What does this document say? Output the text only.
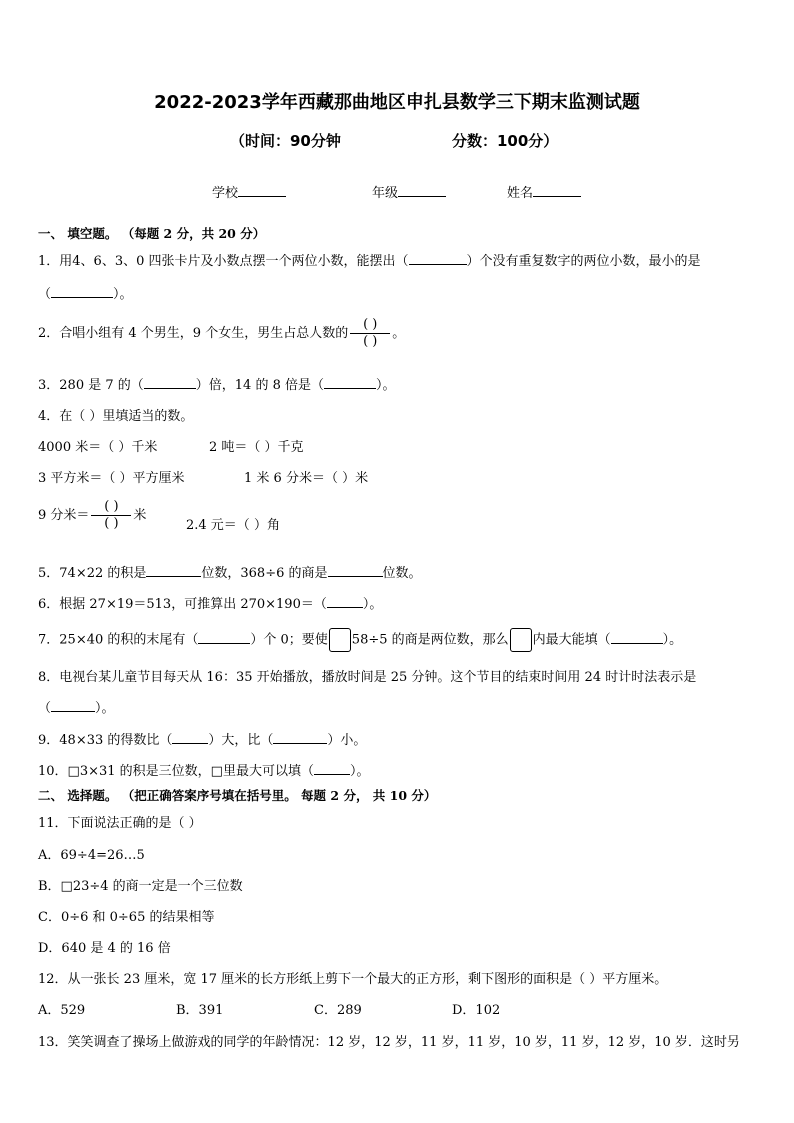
2022-2023学年西藏那曲地区申扎县数学三下期末监测试题
（时间：90分钟	分数：100分）
学校	年级	姓名
一、 填空题。 （每题 2 分，共 20 分）
1．用4、6、3、0 四张卡片及小数点摆一个两位小数，能摆出（	）个没有重复数字的两位小数，最小的是
（	）。
2．合唱小组有 4 个男生，9 个女生，男生占总人数的 $\frac{( )}{( )}$ 。
3．280 是 7 的（	）倍，14 的 8 倍是（	）。
4．在（ ）里填适当的数。
4000 米＝（ ）千米	2 吨＝（ ）千克
3 平方米＝（ ）平方厘米	1 米 6 分米＝（ ）米
9 分米＝ $\frac{( )}{( )}$ 米
2.4 元＝（ ）角
5．74×22 的积是	位数，368÷6 的商是	位数。
6．根据 27×19＝513，可推算出 270×190＝（	）。
7．25×40 的积的末尾有（	）个 0；要使 58÷5 的商是两位数，那么 内最大能填（	）。
8．电视台某儿童节目每天从 16：35 开始播放，播放时间是 25 分钟。这个节目的结束时间用 24 时计时法表示是
（	）。
9．48×33 的得数比（	）大，比（	）小。
10．□3×31 的积是三位数，□里最大可以填（	）。
二、 选择题。 （把正确答案序号填在括号里。 每题 2 分， 共 10 分）
11．下面说法正确的是（ ）
A．69÷4=26…5
B．□23÷4 的商一定是一个三位数
C．0÷6 和 0÷65 的结果相等
D．640 是 4 的 16 倍
12．从一张长 23 厘米，宽 17 厘米的长方形纸上剪下一个最大的正方形，剩下图形的面积是（ ）平方厘米。
A．529	B．391	C．289	D．102
13．笑笑调查了操场上做游戏的同学的年龄情况：12 岁，12 岁，11 岁，11 岁，10 岁，11 岁，12 岁，10 岁．这时另
